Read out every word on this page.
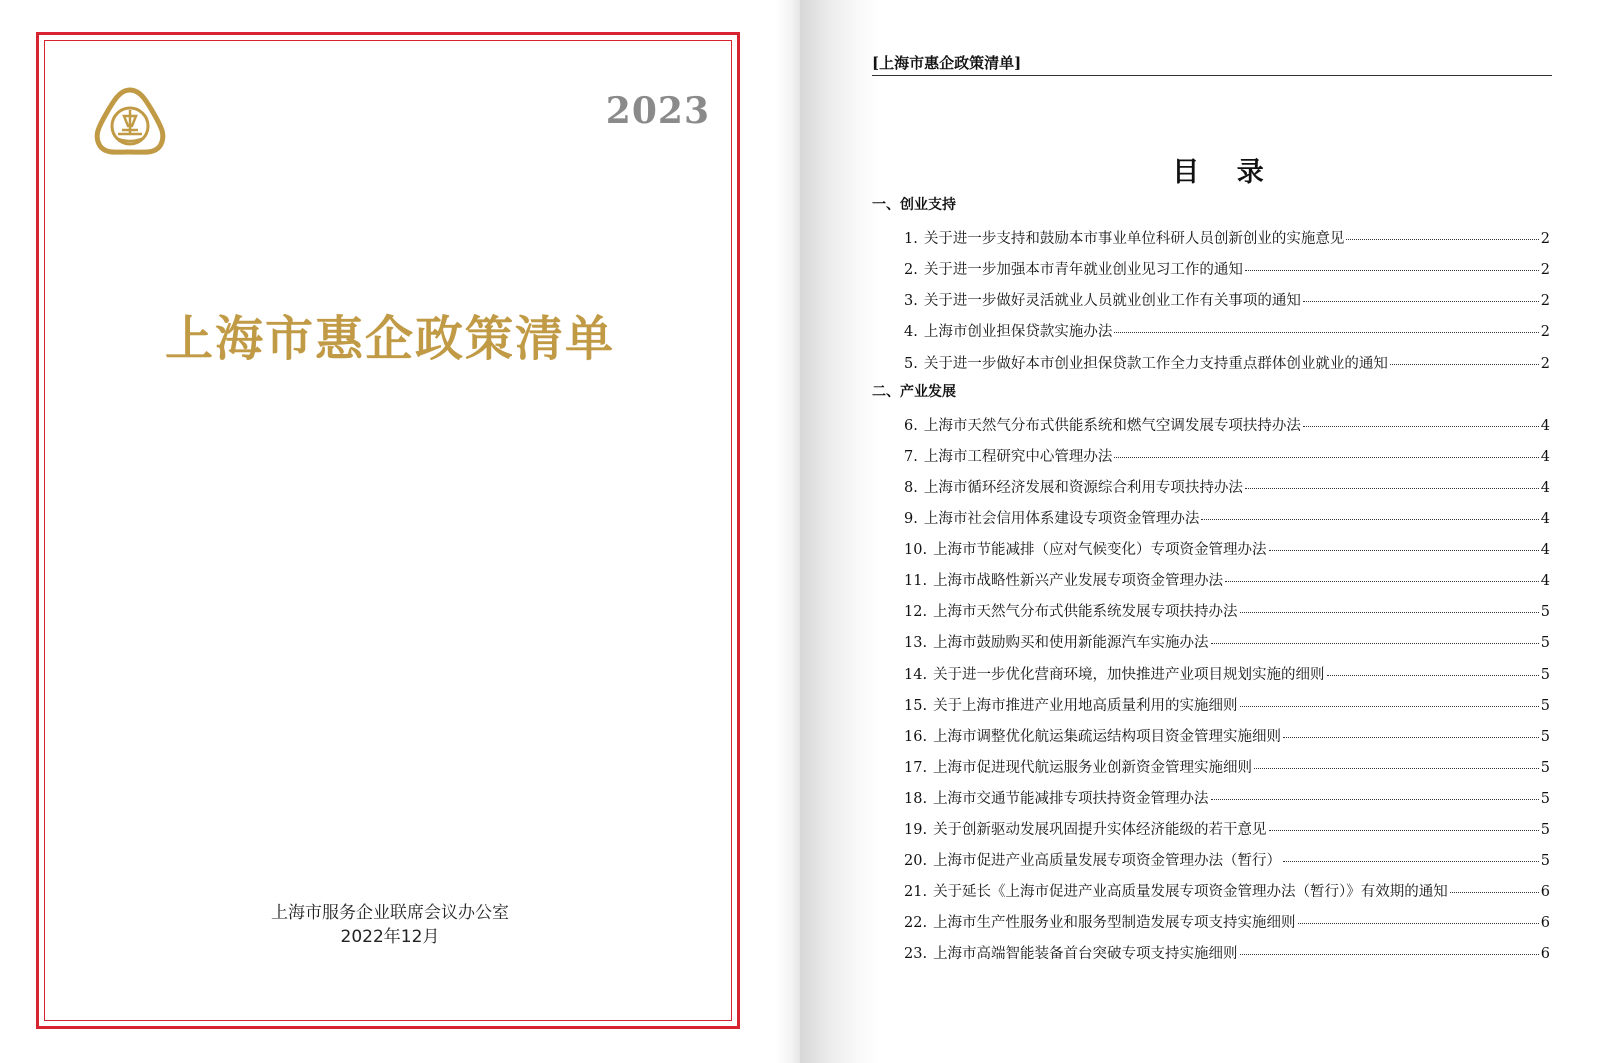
2023
上海市惠企政策清单
上海市服务企业联席会议办公室
2022年12月
[上海市惠企政策清单]
目 录
一、创业支持
1. 关于进一步支持和鼓励本市事业单位科研人员创新创业的实施意见	2
2. 关于进一步加强本市青年就业创业见习工作的通知	2
3. 关于进一步做好灵活就业人员就业创业工作有关事项的通知	2
4. 上海市创业担保贷款实施办法	2
5. 关于进一步做好本市创业担保贷款工作全力支持重点群体创业就业的通知	2
二、产业发展
6. 上海市天然气分布式供能系统和燃气空调发展专项扶持办法	4
7. 上海市工程研究中心管理办法	4
8. 上海市循环经济发展和资源综合利用专项扶持办法	4
9. 上海市社会信用体系建设专项资金管理办法	4
10. 上海市节能减排（应对气候变化）专项资金管理办法	4
11. 上海市战略性新兴产业发展专项资金管理办法	4
12. 上海市天然气分布式供能系统发展专项扶持办法	5
13. 上海市鼓励购买和使用新能源汽车实施办法	5
14. 关于进一步优化营商环境，加快推进产业项目规划实施的细则	5
15. 关于上海市推进产业用地高质量利用的实施细则	5
16. 上海市调整优化航运集疏运结构项目资金管理实施细则	5
17. 上海市促进现代航运服务业创新资金管理实施细则	5
18. 上海市交通节能减排专项扶持资金管理办法	5
19. 关于创新驱动发展巩固提升实体经济能级的若干意见	5
20. 上海市促进产业高质量发展专项资金管理办法（暂行）	5
21. 关于延长《上海市促进产业高质量发展专项资金管理办法（暂行）》有效期的通知	6
22. 上海市生产性服务业和服务型制造发展专项支持实施细则	6
23. 上海市高端智能装备首台突破专项支持实施细则	6
